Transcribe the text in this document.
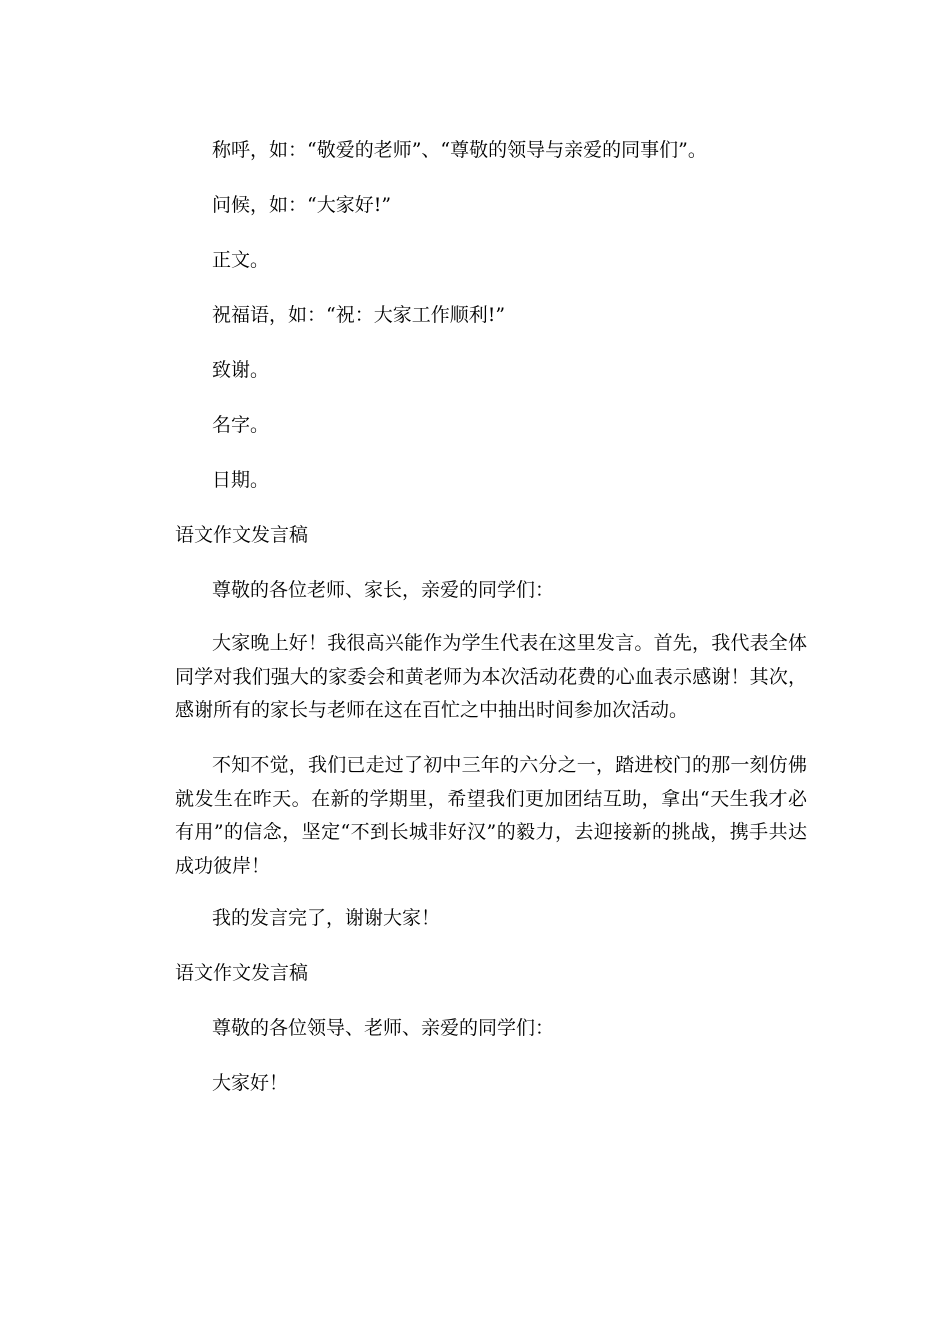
称呼，如：“敬爱的老师”、“尊敬的领导与亲爱的同事们”。

问候，如：“大家好!”

正文。

祝福语，如：“祝：大家工作顺利!”

致谢。

名字。

日期。

语文作文发言稿

尊敬的各位老师、家长，亲爱的同学们：

大家晚上好！我很高兴能作为学生代表在这里发言。首先，我代表全体同学对我们强大的家委会和黄老师为本次活动花费的心血表示感谢！其次，感谢所有的家长与老师在这在百忙之中抽出时间参加次活动。

不知不觉，我们已走过了初中三年的六分之一，踏进校门的那一刻仿佛就发生在昨天。在新的学期里，希望我们更加团结互助，拿出“天生我才必有用”的信念，坚定“不到长城非好汉”的毅力，去迎接新的挑战，携手共达成功彼岸！

我的发言完了，谢谢大家！

语文作文发言稿

尊敬的各位领导、老师、亲爱的同学们：

大家好！
